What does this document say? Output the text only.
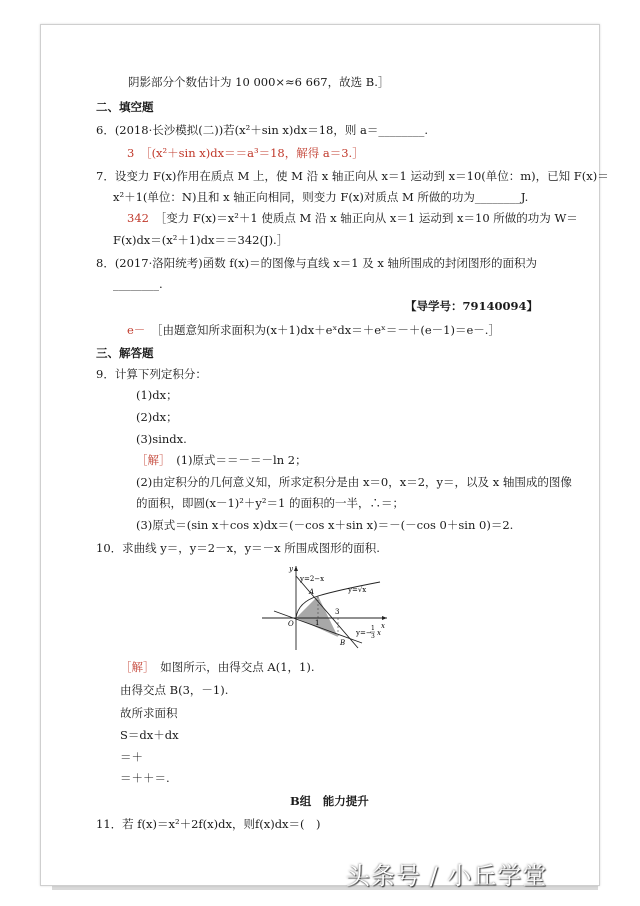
阴影部分个数估计为 10 000×≈6 667，故选 B.］
二、填空题
6．(2018·长沙模拟(二))若(x²＋sin x)dx＝18，则 a＝________.
3　［(x²＋sin x)dx＝＝a³＝18，解得 a＝3.］
7．设变力 F(x)作用在质点 M 上，使 M 沿 x 轴正向从 x＝1 运动到 x＝10(单位：m)，已知 F(x)＝
x²＋1(单位：N)且和 x 轴正向相同，则变力 F(x)对质点 M 所做的功为________J.
342　［变力 F(x)＝x²＋1 使质点 M 沿 x 轴正向从 x＝1 运动到 x＝10 所做的功为 W＝
F(x)dx＝(x²＋1)dx＝＝342(J).］
8．(2017·洛阳统考)函数 f(x)＝的图像与直线 x＝1 及 x 轴所围成的封闭图形的面积为
________.
【导学号：79140094】
e－　［由题意知所求面积为(x＋1)dx＋eˣdx＝＋eˣ＝－＋(e－1)＝e－.］
三、解答题
9．计算下列定积分：
(1)dx；
(2)dx；
(3)sindx.
［解］　(1)原式＝＝－＝－ln 2；
(2)由定积分的几何意义知，所求定积分是由 x＝0，x＝2，y＝，以及 x 轴围成的图像
的面积，即圆(x－1)²＋y²＝1 的面积的一半，∴＝；
(3)原式＝(sin x＋cos x)dx＝(－cos x＋sin x)＝－(－cos 0＋sin 0)＝2.
10．求曲线 y＝，y＝2－x，y＝－x 所围成图形的面积.
y
x
O
y=2−x
y=√x
A
B
1
3
y=−
1
3 x
［解］　如图所示，由得交点 A(1，1).
由得交点 B(3，－1).
故所求面积
S＝dx＋dx
＝＋
＝＋＋＝.
B组　能力提升
11．若 f(x)＝x²＋2f(x)dx，则f(x)dx＝(　)
头条号 / 小丘学堂
